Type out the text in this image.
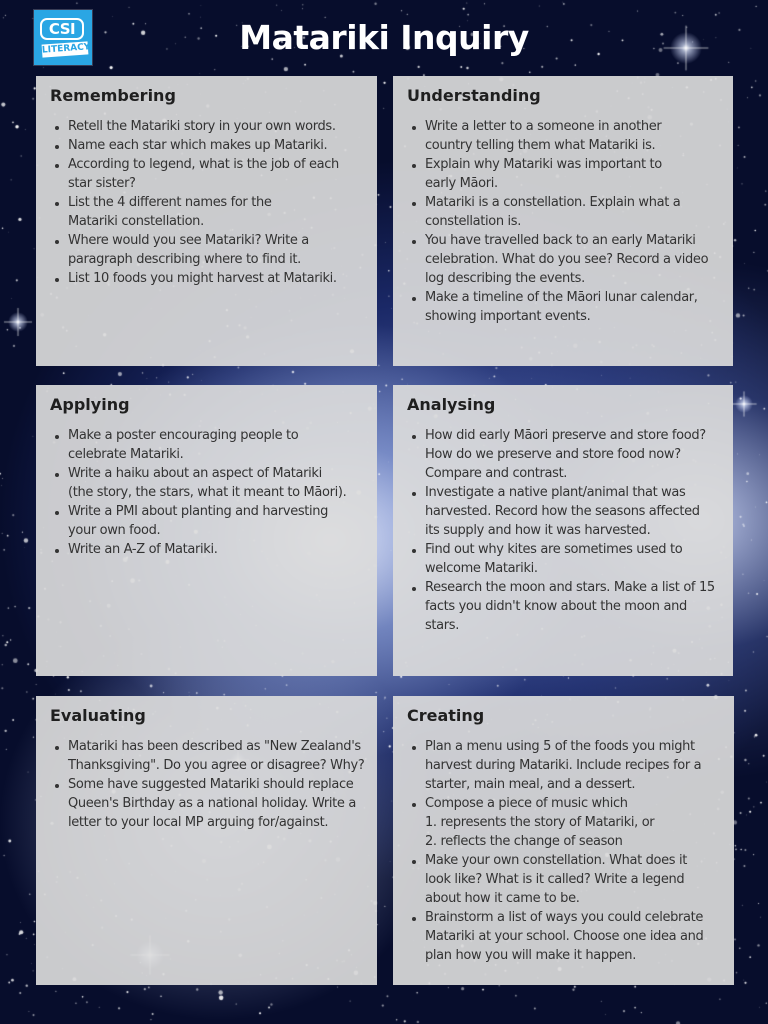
CSI
LITERACY	Matariki Inquiry
Remembering
Retell the Matariki story in your own words.
Name each star which makes up Matariki.
According to legend, what is the job of each
star sister?
List the 4 different names for the
Matariki constellation.
Where would you see Matariki? Write a
paragraph describing where to find it.
List 10 foods you might harvest at Matariki.
Understanding
Write a letter to a someone in another
country telling them what Matariki is.
Explain why Matariki was important to
early Māori.
Matariki is a constellation. Explain what a
constellation is.
You have travelled back to an early Matariki
celebration. What do you see? Record a video
log describing the events.
Make a timeline of the Māori lunar calendar,
showing important events.
Applying
Make a poster encouraging people to
celebrate Matariki.
Write a haiku about an aspect of Matariki
(the story, the stars, what it meant to Māori).
Write a PMI about planting and harvesting
your own food.
Write an A-Z of Matariki.
Analysing
How did early Māori preserve and store food?
How do we preserve and store food now?
Compare and contrast.
Investigate a native plant/animal that was
harvested. Record how the seasons affected
its supply and how it was harvested.
Find out why kites are sometimes used to
welcome Matariki.
Research the moon and stars. Make a list of 15
facts you didn't know about the moon and stars.
Evaluating
Matariki has been described as "New Zealand's
Thanksgiving". Do you agree or disagree? Why?
Some have suggested Matariki should replace
Queen's Birthday as a national holiday. Write a
letter to your local MP arguing for/against.
Creating
Plan a menu using 5 of the foods you might
harvest during Matariki. Include recipes for a
starter, main meal, and a dessert.
Compose a piece of music which
1. represents the story of Matariki, or
2. reflects the change of season
Make your own constellation. What does it
look like? What is it called? Write a legend
about how it came to be.
Brainstorm a list of ways you could celebrate
Matariki at your school. Choose one idea and
plan how you will make it happen.
